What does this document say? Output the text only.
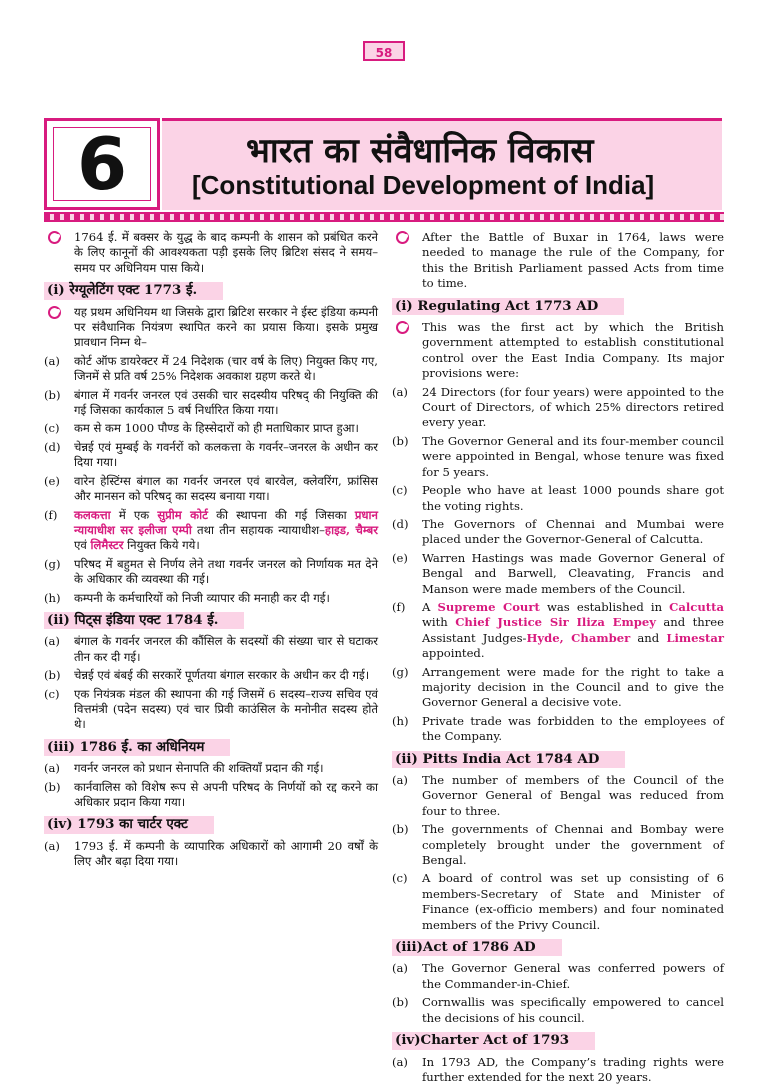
58
6	भारत का संवैधानिक विकास
[Constitutional Development of India]
1764 ई. में बक्सर के युद्ध के बाद कम्पनी के शासन को प्रबंधित करने के लिए कानूनों की आवश्यकता पड़ी इसके लिए ब्रिटिश संसद ने समय–समय पर अधिनियम पास किये।
(i) रेग्यूलेटिंग एक्ट 1773 ई.
यह प्रथम अधिनियम था जिसके द्वारा ब्रिटिश सरकार ने ईस्ट इंडिया कम्पनी पर संवैधानिक नियंत्रण स्थापित करने का प्रयास किया। इसके प्रमुख प्रावधान निम्न थे–
(a)	कोर्ट ऑफ डायरेक्टर में 24 निदेशक (चार वर्ष के लिए) नियुक्त किए गए, जिनमें से प्रति वर्ष 25% निदेशक अवकाश ग्रहण करते थे।
(b)	बंगाल में गवर्नर जनरल एवं उसकी चार सदस्यीय परिषद् की नियुक्ति की गई जिसका कार्यकाल 5 वर्ष निर्धारित किया गया।
(c)	कम से कम 1000 पौण्ड के हिस्सेदारों को ही मताधिकार प्राप्त हुआ।
(d)	चेन्नई एवं मुम्बई के गवर्नरों को कलकत्ता के गवर्नर–जनरल के अधीन कर दिया गया।
(e)	वारेन हेस्टिंग्स बंगाल का गवर्नर जनरल एवं बारवेल, क्लेवरिंग, फ्रांसिस और मानसन को परिषद् का सदस्य बनाया गया।
(f)	कलकत्ता में एक सुप्रीम कोर्ट की स्थापना की गई जिसका प्रधान न्यायाधीश सर इलीजा एम्पी तथा तीन सहायक न्यायाधीश–हाइड, चैम्बर एवं लिमैस्टर नियुक्त किये गये।
(g)	परिषद में बहुमत से निर्णय लेने तथा गवर्नर जनरल को निर्णायक मत देने के अधिकार की व्यवस्था की गई।
(h)	कम्पनी के कर्मचारियों को निजी व्यापार की मनाही कर दी गई।
(ii) पिट्स इंडिया एक्ट 1784 ई.
(a)	बंगाल के गवर्नर जनरल की कौंसिल के सदस्यों की संख्या चार से घटाकर तीन कर दी गई।
(b)	चेन्नई एवं बंबई की सरकारें पूर्णतया बंगाल सरकार के अधीन कर दी गई।
(c)	एक नियंत्रक मंडल की स्थापना की गई जिसमें 6 सदस्य–राज्य सचिव एवं वित्तमंत्री (पदेन सदस्य) एवं चार प्रिवी काउंसिल के मनोनीत सदस्य होते थे।
(iii) 1786 ई. का अधिनियम
(a)	गवर्नर जनरल को प्रधान सेनापति की शक्तियाँ प्रदान की गई।
(b)	कार्नवालिस को विशेष रूप से अपनी परिषद के निर्णयों को रद्द करने का अधिकार प्रदान किया गया।
(iv) 1793 का चार्टर एक्ट
(a)	1793 ई. में कम्पनी के व्यापारिक अधिकारों को आगामी 20 वर्षों के लिए और बढ़ा दिया गया।
After the Battle of Buxar in 1764, laws were needed to manage the rule of the Company, for this the British Parliament passed Acts from time to time.
(i) Regulating Act 1773 AD
This was the first act by which the British government attempted to establish constitutional control over the East India Company. Its major provisions were:
(a)	24 Directors (for four years) were appointed to the Court of Directors, of which 25% directors retired every year.
(b)	The Governor General and its four-member council were appointed in Bengal, whose tenure was fixed for 5 years.
(c)	People who have at least 1000 pounds share got the voting rights.
(d)	The Governors of Chennai and Mumbai were placed under the Governor-General of Calcutta.
(e)	Warren Hastings was made Governor General of Bengal and Barwell, Cleavating, Francis and Manson were made members of the Council.
(f)	A Supreme Court was established in Calcutta with Chief Justice Sir Iliza Empey and three Assistant Judges-Hyde, Chamber and Limestar appointed.
(g)	Arrangement were made for the right to take a majority decision in the Council and to give the Governor General a decisive vote.
(h)	Private trade was forbidden to the employees of the Company.
(ii) Pitts India Act 1784 AD
(a)	The number of members of the Council of the Governor General of Bengal was reduced from four to three.
(b)	The governments of Chennai and Bombay were completely brought under the government of Bengal.
(c)	A board of control was set up consisting of 6 members-Secretary of State and Minister of Finance (ex-officio members) and four nominated members of the Privy Council.
(iii)Act of 1786 AD
(a)	The Governor General was conferred powers of the Commander-in-Chief.
(b)	Cornwallis was specifically empowered to cancel the decisions of his council.
(iv)Charter Act of 1793
(a)	In 1793 AD, the Company’s trading rights were further extended for the next 20 years.
